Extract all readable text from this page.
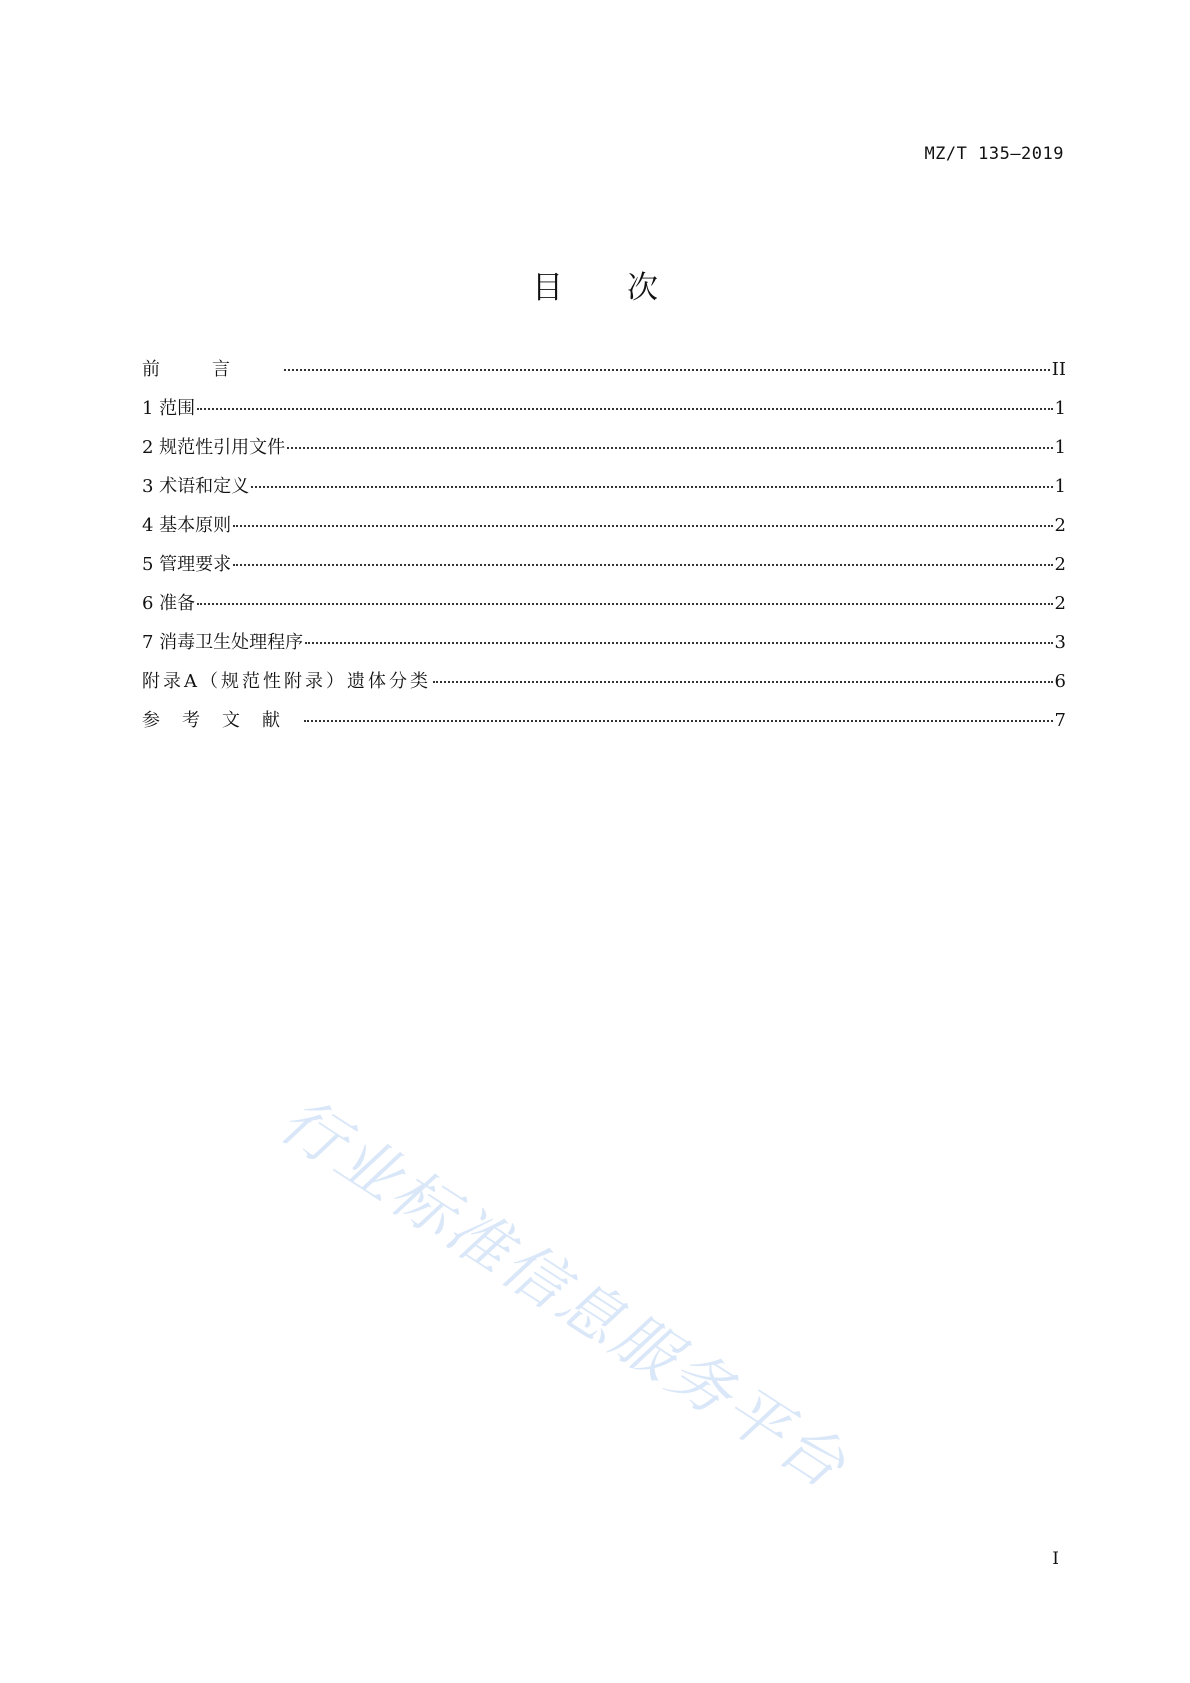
MZ/T 135—2019
目 次
前言	II
1 范围	1
2 规范性引用文件	1
3 术语和定义	1
4 基本原则	2
5 管理要求	2
6 准备	2
7 消毒卫生处理程序	3
附录A（规范性附录）遗体分类	6
参考文献	7
行业标准信息服务平台
I
